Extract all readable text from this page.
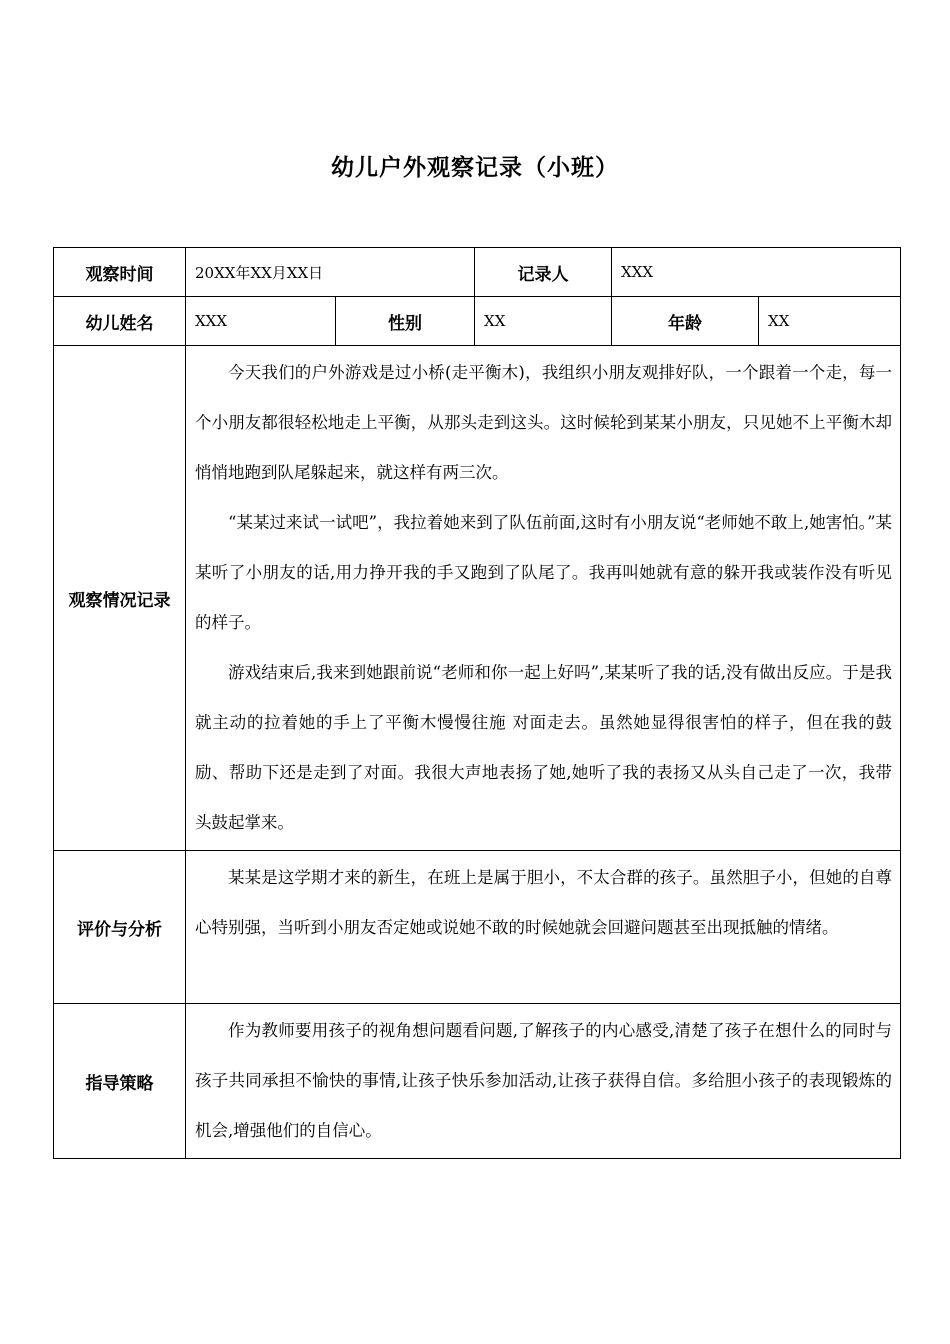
幼儿户外观察记录（小班）
观察时间	20XX年XX月XX日		记录人	XXX	
幼儿姓名	XXX	性别	XX	年龄	XX
观察情况记录	今天我们的户外游戏是过小桥(走平衡木)，我组织小朋友观排好队，一个跟着一个走，每一个小朋友都很轻松地走上平衡，从那头走到这头。这时候轮到某某小朋友，只见她不上平衡木却悄悄地跑到队尾躲起来，就这样有两三次。

“某某过来试一试吧”，我拉着她来到了队伍前面,这时有小朋友说“老师她不敢上,她害怕。”某某听了小朋友的话,用力挣开我的手又跑到了队尾了。我再叫她就有意的躲开我或装作没有听见的样子。

游戏结束后,我来到她跟前说“老师和你一起上好吗”,某某听了我的话,没有做出反应。于是我就主动的拉着她的手上了平衡木慢慢往施 对面走去。虽然她显得很害怕的样子，但在我的鼓励、帮助下还是走到了对面。我很大声地表扬了她,她听了我的表扬又从头自己走了一次，我带头鼓起掌来。				

评价与分析	某某是这学期才来的新生，在班上是属于胆小，不太合群的孩子。虽然胆子小，但她的自尊心特别强，当听到小朋友否定她或说她不敢的时候她就会回避问题甚至出现抵触的情绪。				

指导策略	作为教师要用孩子的视角想问题看问题,了解孩子的内心感受,清楚了孩子在想什么的同时与孩子共同承担不愉快的事情,让孩子快乐参加活动,让孩子获得自信。多给胆小孩子的表现锻炼的机会,增强他们的自信心。				
